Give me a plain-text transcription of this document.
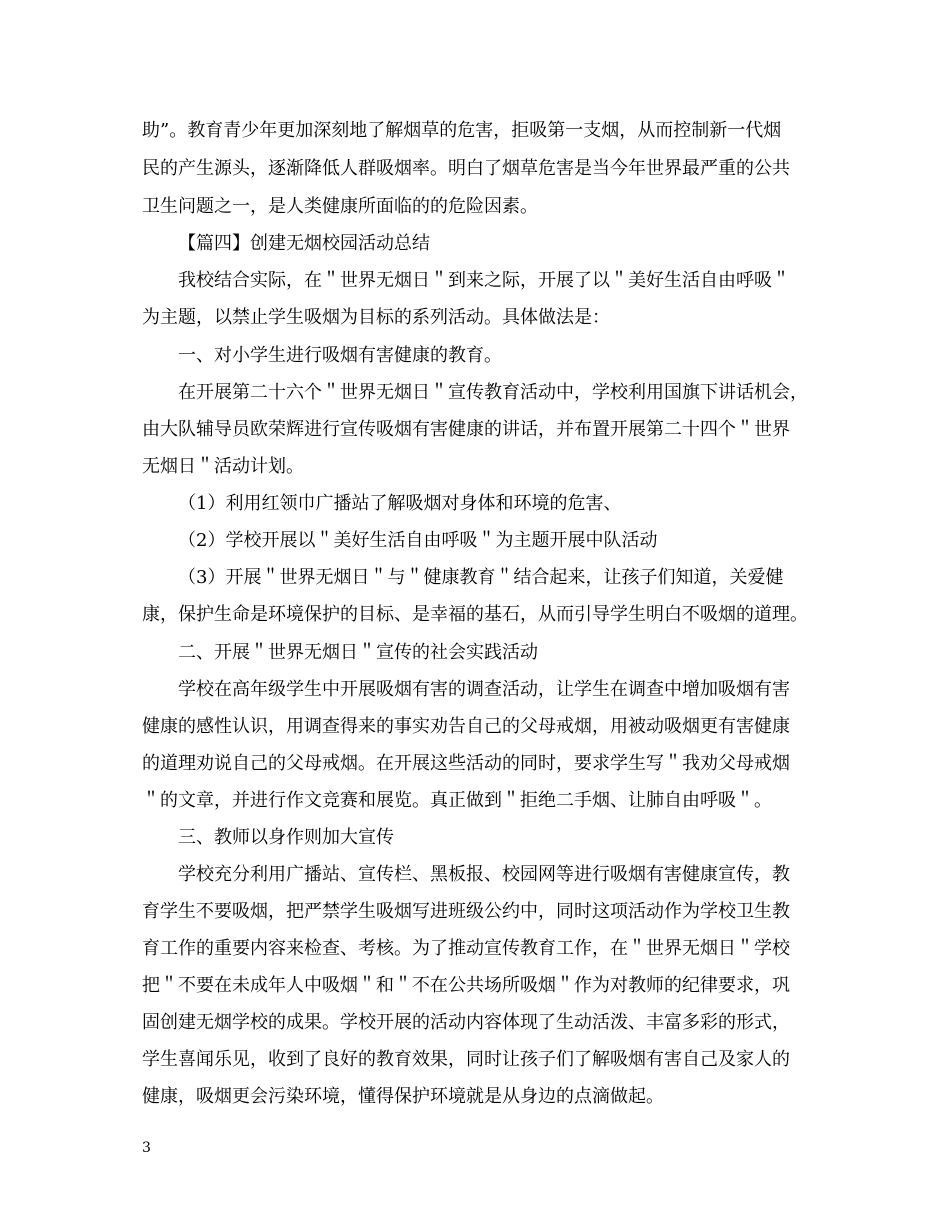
助”。教育青少年更加深刻地了解烟草的危害，拒吸第一支烟，从而控制新一代烟
民的产生源头，逐渐降低人群吸烟率。明白了烟草危害是当今年世界最严重的公共
卫生问题之一，是人类健康所面临的的危险因素。
【篇四】创建无烟校园活动总结
我校结合实际，在＂世界无烟日＂到来之际，开展了以＂美好生活自由呼吸＂
为主题，以禁止学生吸烟为目标的系列活动。具体做法是：
一、对小学生进行吸烟有害健康的教育。
在开展第二十六个＂世界无烟日＂宣传教育活动中，学校利用国旗下讲话机会，
由大队辅导员欧荣辉进行宣传吸烟有害健康的讲话，并布置开展第二十四个＂世界
无烟日＂活动计划。
（1）利用红领巾广播站了解吸烟对身体和环境的危害、
（2）学校开展以＂美好生活自由呼吸＂为主题开展中队活动
（3）开展＂世界无烟日＂与＂健康教育＂结合起来，让孩子们知道，关爱健
康，保护生命是环境保护的目标、是幸福的基石，从而引导学生明白不吸烟的道理。
二、开展＂世界无烟日＂宣传的社会实践活动
学校在高年级学生中开展吸烟有害的调查活动，让学生在调查中增加吸烟有害
健康的感性认识，用调查得来的事实劝告自己的父母戒烟，用被动吸烟更有害健康
的道理劝说自己的父母戒烟。在开展这些活动的同时，要求学生写＂我劝父母戒烟
＂的文章，并进行作文竞赛和展览。真正做到＂拒绝二手烟、让肺自由呼吸＂。
三、教师以身作则加大宣传
学校充分利用广播站、宣传栏、黑板报、校园网等进行吸烟有害健康宣传，教
育学生不要吸烟，把严禁学生吸烟写进班级公约中，同时这项活动作为学校卫生教
育工作的重要内容来检查、考核。为了推动宣传教育工作，在＂世界无烟日＂学校
把＂不要在未成年人中吸烟＂和＂不在公共场所吸烟＂作为对教师的纪律要求，巩
固创建无烟学校的成果。学校开展的活动内容体现了生动活泼、丰富多彩的形式，
学生喜闻乐见，收到了良好的教育效果，同时让孩子们了解吸烟有害自己及家人的
健康，吸烟更会污染环境，懂得保护环境就是从身边的点滴做起。
3
